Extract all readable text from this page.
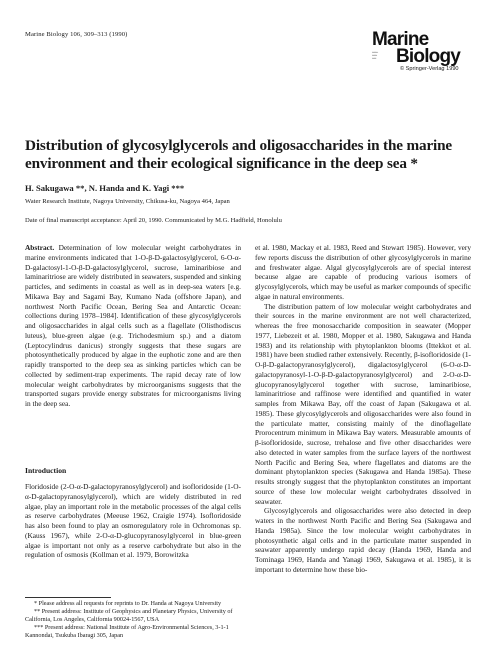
Marine Biology 106, 309–313 (1990)	Marine
Biology
▪▪▪▪▪▪▪
▪▪▪▪▪▪
▪▪▪▪▪
© Springer-Verlag 1990
Distribution of glycosylglycerols and oligosaccharides in the marine environment and their ecological significance in the deep sea *
H. Sakugawa **, N. Handa and K. Yagi ***
Water Research Institute, Nagoya University, Chikusa-ku, Nagoya 464, Japan
Date of final manuscript acceptance: April 20, 1990. Communicated by M.G. Hadfield, Honolulu

Abstract. Determination of low molecular weight carbohydrates in marine environments indicated that 1-O-β-D-galactosylglycerol, 6-O-α-D-galactosyl-1-O-β-D-galactosylglycerol, sucrose, laminaribiose and laminaritriose are widely distributed in seawaters, suspended and sinking particles, and sediments in coastal as well as in deep-sea waters [e.g. Mikawa Bay and Sagami Bay, Kumano Nada (offshore Japan), and northwest North Pacific Ocean, Bering Sea and Antarctic Ocean: collections during 1978–1984]. Identification of these glycosylglycerols and oligosaccharides in algal cells such as a flagellate (Olisthodiscus luteus), blue-green algae (e.g. Trichodesmium sp.) and a diatom (Leptocylindrus danicus) strongly suggests that these sugars are photosynthetically produced by algae in the euphotic zone and are then rapidly transported to the deep sea as sinking particles which can be collected by sediment-trap experiments. The rapid decay rate of low molecular weight carbohydrates by microorganisms suggests that the transported sugars provide energy substrates for microorganisms living in the deep sea.

Introduction

Floridoside (2-O-α-D-galactopyranosylglycerol) and isofloridoside (1-O-α-D-galactopyranosylglycerol), which are widely distributed in red algae, play an important role in the metabolic processes of the algal cells as reserve carbohydrates (Meeuse 1962, Craigie 1974). Isofloridoside has also been found to play an osmoregulatory role in Ochromonas sp. (Kauss 1967), while 2-O-α-D-glucopyranosylglycerol in blue-green algae is important not only as a reserve carbohydrate but also in the regulation of osmosis (Kollman et al. 1979, Borowitzka

* Please address all requests for reprints to Dr. Handa at Nagoya University

** Present address: Institute of Geophysics and Planetary Physics, University of California, Los Angeles, California 90024-1567, USA

*** Present address: National Institute of Agro-Environmental Sciences, 3-1-1 Kannondai, Tsukuba Ibaragi 305, Japan

et al. 1980, Mackay et al. 1983, Reed and Stewart 1985). However, very few reports discuss the distribution of other glycosylglycerols in marine and freshwater algae. Algal glycosylglycerols are of special interest because algae are capable of producing various isomers of glycosylglycerols, which may be useful as marker compounds of specific algae in natural environments.

The distribution pattern of low molecular weight carbohydrates and their sources in the marine environment are not well characterized, whereas the free monosaccharide composition in seawater (Mopper 1977, Liebezeit et al. 1980, Mopper et al. 1980, Sakugawa and Handa 1983) and its relationship with phytoplankton blooms (Ittekkot et al. 1981) have been studied rather extensively. Recently, β-isofloridoside (1-O-β-D-galactopyranosylglycerol), digalactosylglycerol (6-O-α-D-galactopyranosyl-1-O-β-D-galactopyranosylglycerol) and 2-O-α-D-glucopyranosylglycerol together with sucrose, laminaribiose, laminaritriose and raffinose were identified and quantified in water samples from Mikawa Bay, off the coast of Japan (Sakugawa et al. 1985). These glycosylglycerols and oligosaccharides were also found in the particulate matter, consisting mainly of the dinoflagellate Prorocentrum minimum in Mikawa Bay waters. Measurable amounts of β-isofloridoside, sucrose, trehalose and five other disaccharides were also detected in water samples from the surface layers of the northwest North Pacific and Bering Sea, where flagellates and diatoms are the dominant phytoplankton species (Sakugawa and Handa 1985a). These results strongly suggest that the phytoplankton constitutes an important source of these low molecular weight carbohydrates dissolved in seawater.

Glycosylglycerols and oligosaccharides were also detected in deep waters in the northwest North Pacific and Bering Sea (Sakugawa and Handa 1985a). Since the low molecular weight carbohydrates in photosynthetic algal cells and in the particulate matter suspended in seawater apparently undergo rapid decay (Handa 1969, Handa and Tominaga 1969, Handa and Yanagi 1969, Sakugawa et al. 1985), it is important to determine how these bio-
